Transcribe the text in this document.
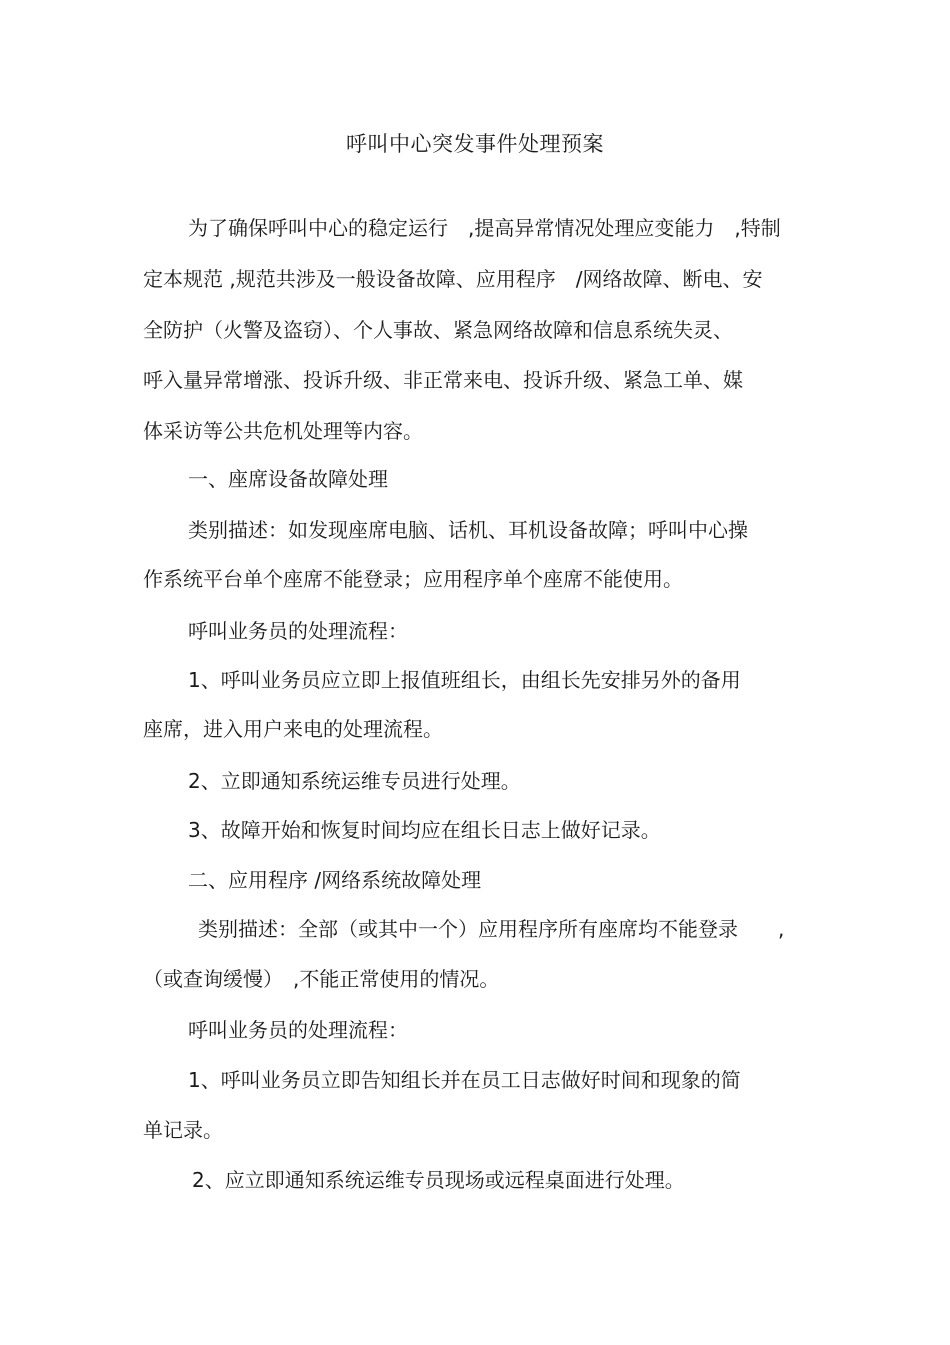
呼叫中心突发事件处理预案
为了确保呼叫中心的稳定运行　,提高异常情况处理应变能力　,特制
定本规范 ,规范共涉及一般设备故障、应用程序　/网络故障、断电、安
全防护（火警及盗窃）、个人事故、紧急网络故障和信息系统失灵、
呼入量异常增涨、投诉升级、非正常来电、投诉升级、紧急工单、媒
体采访等公共危机处理等内容。
一、座席设备故障处理
类别描述：如发现座席电脑、话机、耳机设备故障；呼叫中心操
作系统平台单个座席不能登录；应用程序单个座席不能使用。
呼叫业务员的处理流程：
1、呼叫业务员应立即上报值班组长，由组长先安排另外的备用
座席，进入用户来电的处理流程。
2、立即通知系统运维专员进行处理。
3、故障开始和恢复时间均应在组长日志上做好记录。
二、应用程序 /网络系统故障处理
类别描述：全部（或其中一个）应用程序所有座席均不能登录　　,
（或查询缓慢）　,不能正常使用的情况。
呼叫业务员的处理流程：
1、呼叫业务员立即告知组长并在员工日志做好时间和现象的简
单记录。
2、应立即通知系统运维专员现场或远程桌面进行处理。
